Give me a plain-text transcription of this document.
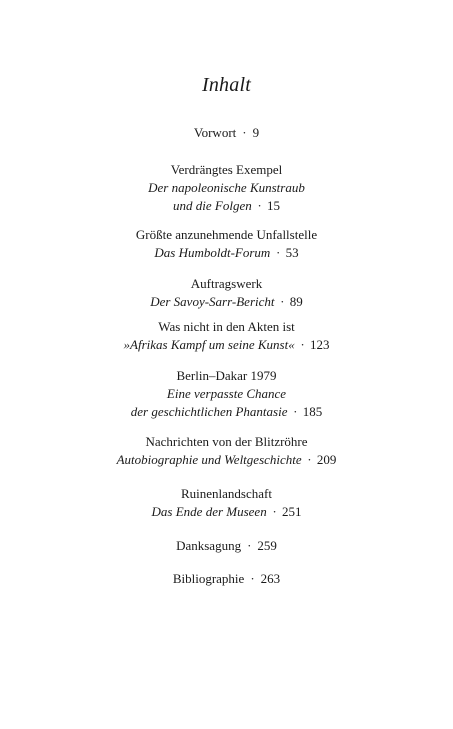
Inhalt
Vorwort · 9
Verdrängtes Exempel
Der napoleonische Kunstraub
und die Folgen · 15
Größte anzunehmende Unfallstelle
Das Humboldt-Forum · 53
Auftragswerk
Der Savoy-Sarr-Bericht · 89
Was nicht in den Akten ist
»Afrikas Kampf um seine Kunst« · 123
Berlin–Dakar 1979
Eine verpasste Chance
der geschichtlichen Phantasie · 185
Nachrichten von der Blitzröhre
Autobiographie und Weltgeschichte · 209
Ruinenlandschaft
Das Ende der Museen · 251
Danksagung · 259
Bibliographie · 263
